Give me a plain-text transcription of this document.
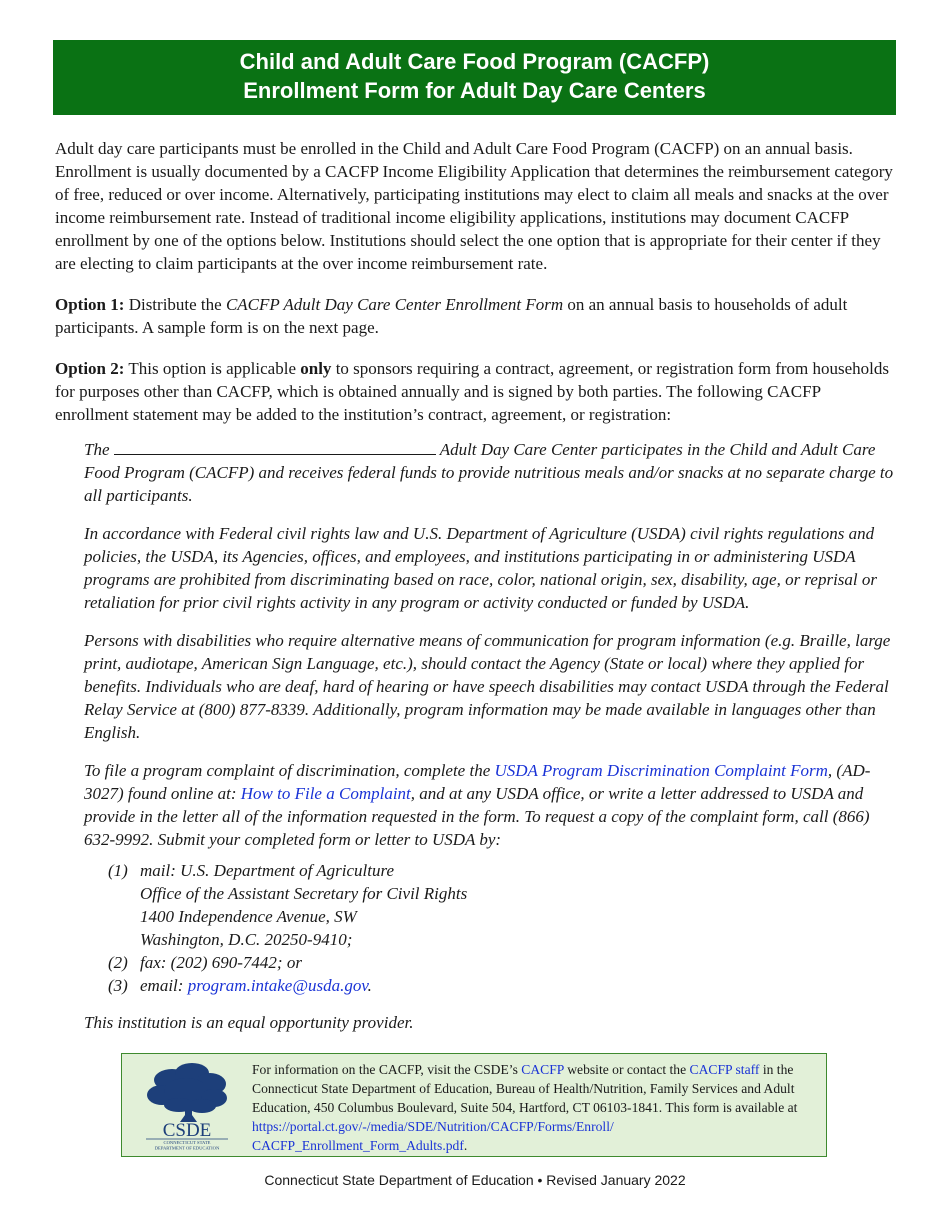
Child and Adult Care Food Program (CACFP)
Enrollment Form for Adult Day Care Centers

Adult day care participants must be enrolled in the Child and Adult Care Food Program (CACFP) on an annual basis. Enrollment is usually documented by a CACFP Income Eligibility Application that determines the reimbursement category of free, reduced or over income. Alternatively, participating institutions may elect to claim all meals and snacks at the over income reimbursement rate. Instead of traditional income eligibility applications, institutions may document CACFP enrollment by one of the options below. Institutions should select the one option that is appropriate for their center if they are electing to claim participants at the over income reimbursement rate.

Option 1: Distribute the CACFP Adult Day Care Center Enrollment Form on an annual basis to households of adult participants. A sample form is on the next page.

Option 2: This option is applicable only to sponsors requiring a contract, agreement, or registration form from households for purposes other than CACFP, which is obtained annually and is signed by both parties. The following CACFP enrollment statement may be added to the institution’s contract, agreement, or registration:

The	Adult Day Care Center participates in the Child and Adult Care Food Program (CACFP) and receives federal funds to provide nutritious meals and/or snacks at no separate charge to all participants.

In accordance with Federal civil rights law and U.S. Department of Agriculture (USDA) civil rights regulations and policies, the USDA, its Agencies, offices, and employees, and institutions participating in or administering USDA programs are prohibited from discriminating based on race, color, national origin, sex, disability, age, or reprisal or retaliation for prior civil rights activity in any program or activity conducted or funded by USDA.

Persons with disabilities who require alternative means of communication for program information (e.g. Braille, large print, audiotape, American Sign Language, etc.), should contact the Agency (State or local) where they applied for benefits. Individuals who are deaf, hard of hearing or have speech disabilities may contact USDA through the Federal Relay Service at (800) 877-8339. Additionally, program information may be made available in languages other than English.

To file a program complaint of discrimination, complete the USDA Program Discrimination Complaint Form, (AD-3027) found online at: How to File a Complaint, and at any USDA office, or write a letter addressed to USDA and provide in the letter all of the information requested in the form. To request a copy of the complaint form, call (866) 632-9992. Submit your completed form or letter to USDA by:

(1) mail: U.S. Department of Agriculture
Office of the Assistant Secretary for Civil Rights
1400 Independence Avenue, SW
Washington, D.C. 20250-9410;
(2) fax: (202) 690-7442; or
(3) email: program.intake@usda.gov.

This institution is an equal opportunity provider.

CSDE
CONNECTICUT STATE
DEPARTMENT OF EDUCATION
For information on the CACFP, visit the CSDE’s CACFP website or contact the CACFP staff in the Connecticut State Department of Education, Bureau of Health/Nutrition, Family Services and Adult Education, 450 Columbus Boulevard, Suite 504, Hartford, CT 06103-1841. This form is available at https://portal.ct.gov/-/media/SDE/Nutrition/CACFP/Forms/Enroll/ CACFP_Enrollment_Form_Adults.pdf.
Connecticut State Department of Education • Revised January 2022
